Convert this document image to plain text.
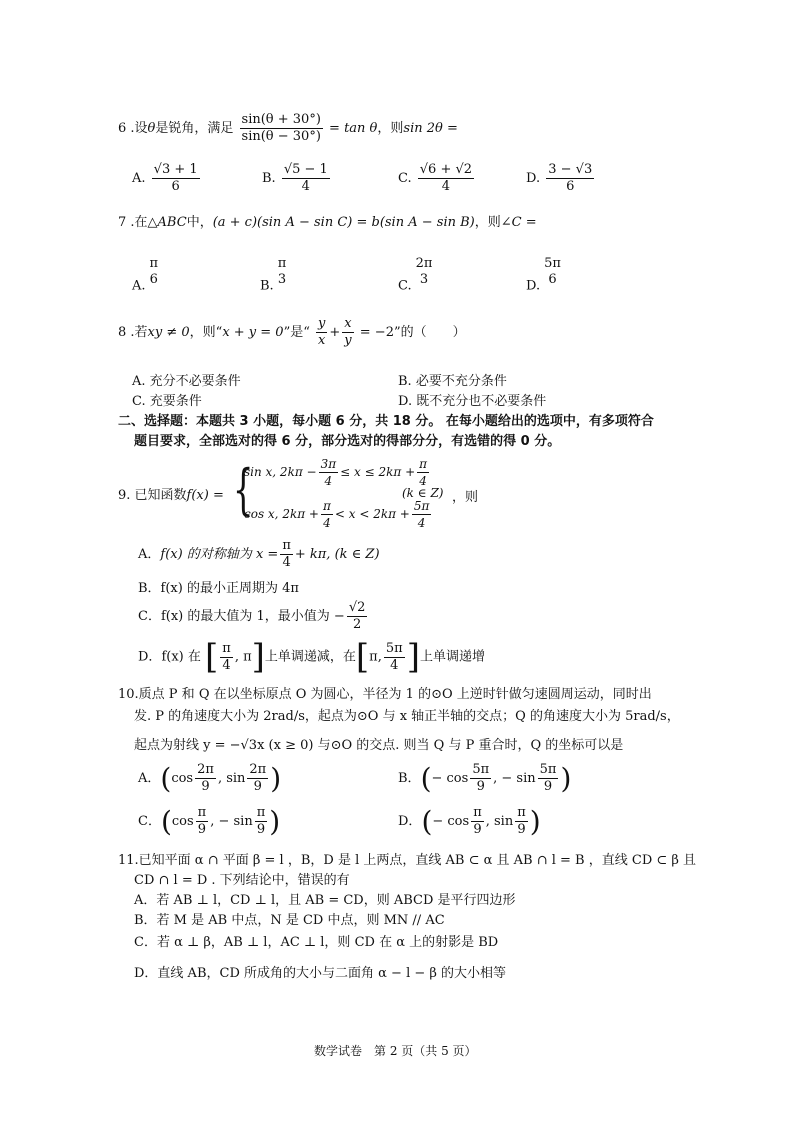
6 .设θ是锐角，满足 $\frac{\sin(\theta + 30^\circ)}{\sin(\theta - 30^\circ)} = \tan \theta$，则sin 2θ =
A. $\frac{√3 + 1}{6}$	B. $\frac{√5 - 1}{4}$	C. $\frac{√6 + √2}{4}$	D. $\frac{3 - √3}{6}$
7 .在△ABC中，(a + c)(sin A − sin C) = b(sin A − sin B)，则∠C =
A.
π
6	B.
π
3	C.
2π
3	D.
5π
6
8 .若xy ≠ 0，则“x + y = 0”是“ $\frac{y}{x} + \frac{x}{y} = -2$”的（　　）
A. 充分不必要条件	B. 必要不充分条件
C. 充要条件	D. 既不充分也不必要条件
二、选择题：本题共 3 小题，每小题 6 分，共 18 分。 在每小题给出的选项中，有多项符合
题目要求，全部选对的得 6 分，部分选对的得部分分，有选错的得 0 分。
9. 已知函数f(x) = {
sin x, $2k\pi - \frac{3\pi}{4} \le x \le 2k\pi + \frac{\pi}{4}$
(k ∈ Z) ，则
cos x, $2k\pi + \frac{\pi}{4} < x < 2k\pi + \frac{5\pi}{4}$
A．f(x) 的对称轴为 $x = \frac{\pi}{4} + k\pi$, (k ∈ Z)
B．f(x) 的最小正周期为 4π
C．f(x) 的最大值为 1，最小值为 − $\frac{√2}{2}$
D．f(x) 在 [ $\frac{\pi}{4}$ , π]上单调递减，在[π, $\frac{5\pi}{4}$ ]上单调递增
10.质点 P 和 Q 在以坐标原点 O 为圆心，半径为 1 的⊙O 上逆时针做匀速圆周运动，同时出
发. P 的角速度大小为 2rad/s，起点为⊙O 与 x 轴正半轴的交点；Q 的角速度大小为 5rad/s，
起点为射线 y = −√3x (x ≥ 0) 与⊙O 的交点. 则当 Q 与 P 重合时，Q 的坐标可以是
A．($\cos \frac{2\pi}{9}$ , $\sin \frac{2\pi}{9}$ )	B．(− $\cos \frac{5\pi}{9}$ , − $\sin \frac{5\pi}{9}$ )
C．($\cos \frac{\pi}{9}$ , − $\sin \frac{\pi}{9}$ )	D．(− $\cos \frac{\pi}{9}$ , $\sin \frac{\pi}{9}$ )
11.已知平面 α ∩ 平面 β = l ，B，D 是 l 上两点，直线 AB ⊂ α 且 AB ∩ l = B ，直线 CD ⊂ β 且
CD ∩ l = D . 下列结论中，错误的有
A．若 AB ⊥ l，CD ⊥ l，且 AB = CD，则 ABCD 是平行四边形
B．若 M 是 AB 中点，N 是 CD 中点，则 MN // AC
C．若 α ⊥ β，AB ⊥ l，AC ⊥ l，则 CD 在 α 上的射影是 BD
D．直线 AB，CD 所成角的大小与二面角 α − l − β 的大小相等
数学试卷　第 2 页（共 5 页）
